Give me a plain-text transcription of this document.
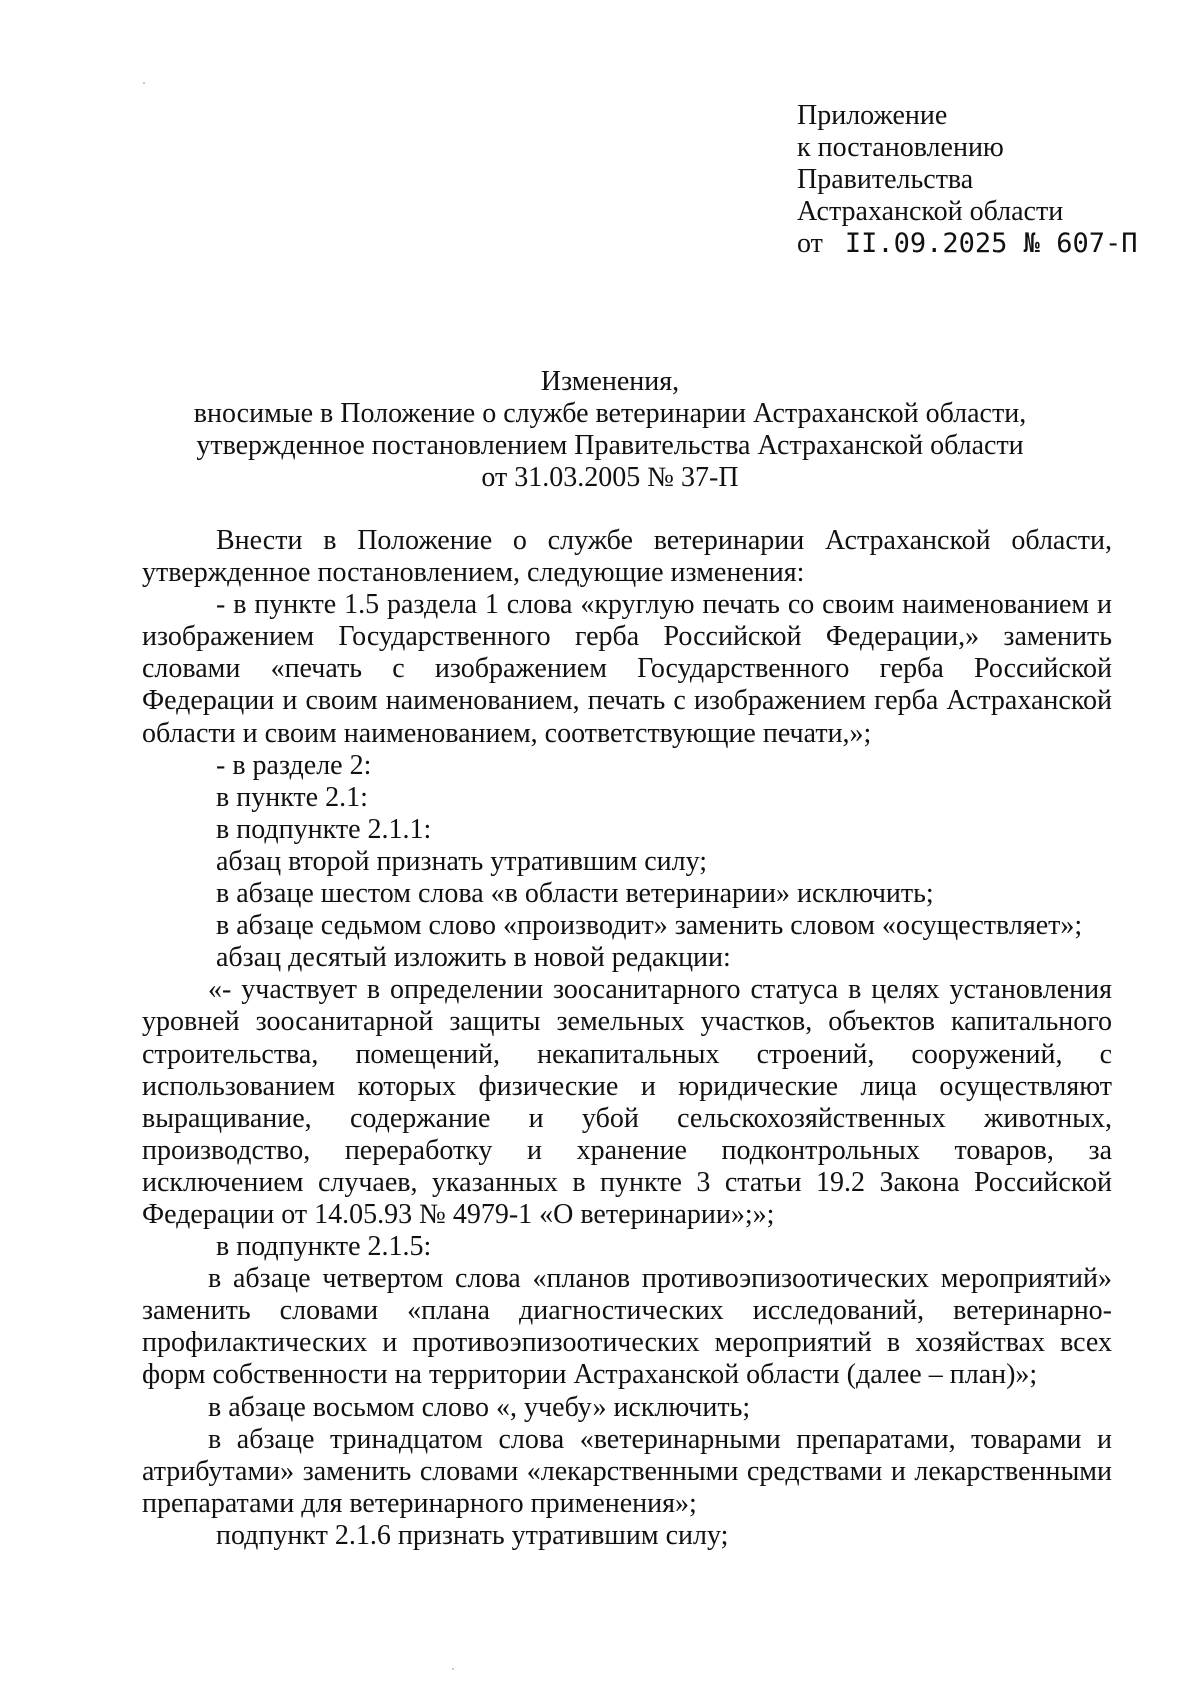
Приложение
к постановлению
Правительства
Астраханской области
от II.09.2025 № 607-П
Изменения,
вносимые в Положение о службе ветеринарии Астраханской области,
утвержденное постановлением Правительства Астраханской области
от 31.03.2005 № 37-П

Внести в Положение о службе ветеринарии Астраханской области, утвержденное постановлением, следующие изменения:

- в пункте 1.5 раздела 1 слова «круглую печать со своим наименованием и изображением Государственного герба Российской Федерации,» заменить словами «печать с изображением Государственного герба Российской Федерации и своим наименованием, печать с изображением герба Астраханской области и своим наименованием, соответствующие печати,»;

- в разделе 2:

в пункте 2.1:

в подпункте 2.1.1:

абзац второй признать утратившим силу;

в абзаце шестом слова «в области ветеринарии» исключить;

в абзаце седьмом слово «производит» заменить словом «осуществляет»;

абзац десятый изложить в новой редакции:

«- участвует в определении зоосанитарного статуса в целях установления уровней зоосанитарной защиты земельных участков, объектов капитального строительства, помещений, некапитальных строений, сооружений, с использованием которых физические и юридические лица осуществляют выращивание, содержание и убой сельскохозяйственных животных, производство, переработку и хранение подконтрольных товаров, за исключением случаев, указанных в пункте 3 статьи 19.2 Закона Российской Федерации от 14.05.93 № 4979-1 «О ветеринарии»;»;

в подпункте 2.1.5:

в абзаце четвертом слова «планов противоэпизоотических мероприятий» заменить словами «плана диагностических исследований, ветеринарно-профилактических и противоэпизоотических мероприятий в хозяйствах всех форм собственности на территории Астраханской области (далее – план)»;

в абзаце восьмом слово «, учебу» исключить;

в абзаце тринадцатом слова «ветеринарными препаратами, товарами и атрибутами» заменить словами «лекарственными средствами и лекарственными препаратами для ветеринарного применения»;

подпункт 2.1.6 признать утратившим силу;
